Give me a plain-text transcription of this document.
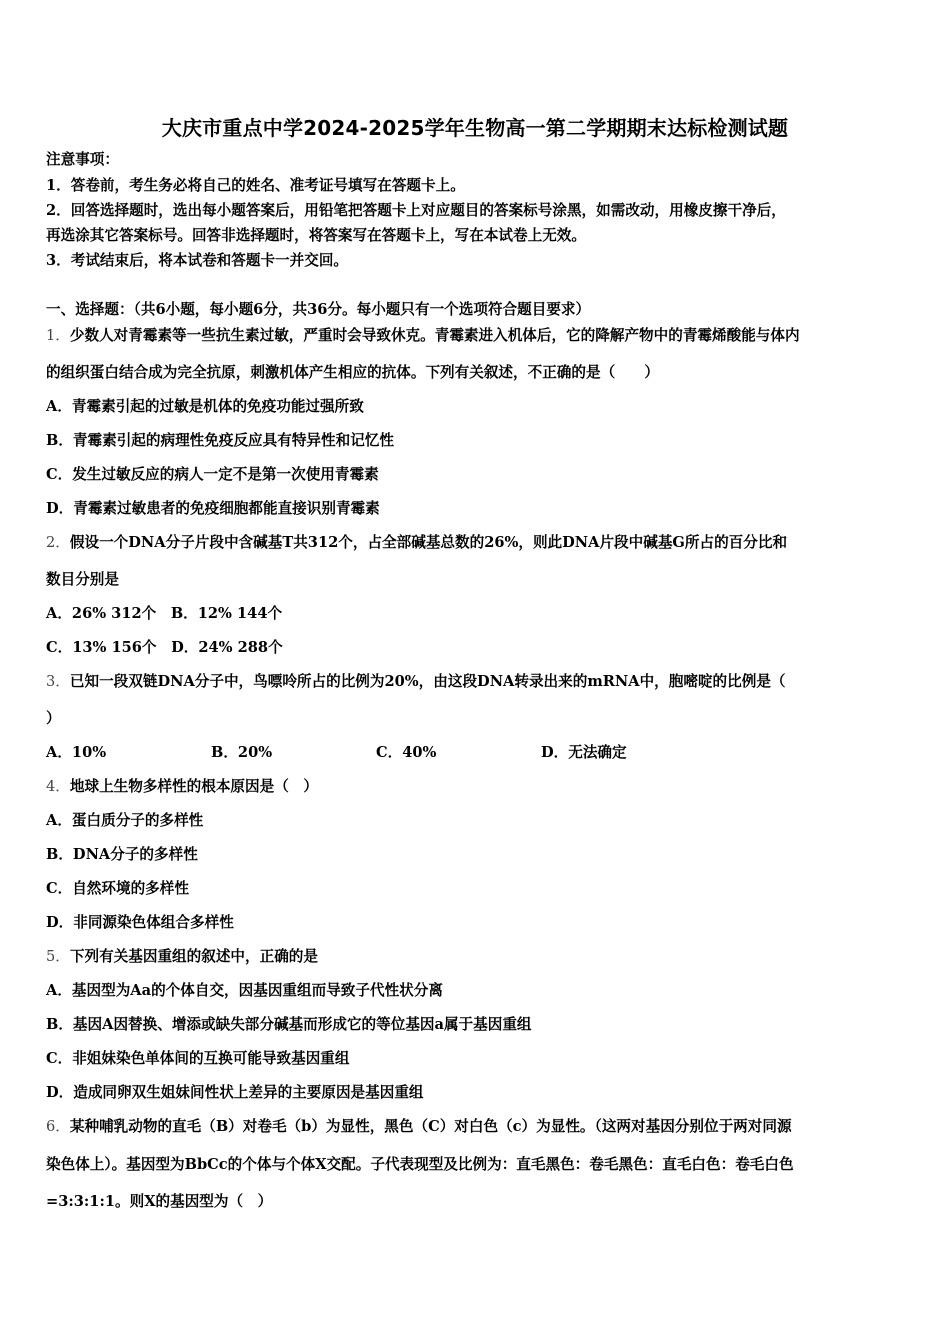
大庆市重点中学2024-2025学年生物高一第二学期期末达标检测试题
注意事项：
1．答卷前，考生务必将自己的姓名、准考证号填写在答题卡上。
2．回答选择题时，选出每小题答案后，用铅笔把答题卡上对应题目的答案标号涂黑，如需改动，用橡皮擦干净后，
再选涂其它答案标号。回答非选择题时，将答案写在答题卡上，写在本试卷上无效。
3．考试结束后，将本试卷和答题卡一并交回。
一、选择题：（共6小题，每小题6分，共36分。每小题只有一个选项符合题目要求）
1．少数人对青霉素等一些抗生素过敏，严重时会导致休克。青霉素进入机体后，它的降解产物中的青霉烯酸能与体内
的组织蛋白结合成为完全抗原，刺激机体产生相应的抗体。下列有关叙述，不正确的是（　　）
A．青霉素引起的过敏是机体的免疫功能过强所致
B．青霉素引起的病理性免疫反应具有特异性和记忆性
C．发生过敏反应的病人一定不是第一次使用青霉素
D．青霉素过敏患者的免疫细胞都能直接识别青霉素
2．假设一个DNA分子片段中含碱基T共312个，占全部碱基总数的26%，则此DNA片段中碱基G所占的百分比和
数目分别是
A．26% 312个　B．12% 144个
C．13% 156个　D．24% 288个
3．已知一段双链DNA分子中，鸟嘌呤所占的比例为20%，由这段DNA转录出来的mRNA中，胞嘧啶的比例是（
）
A．10%	B．20%	C．40%	D．无法确定
4．地球上生物多样性的根本原因是（　）
A．蛋白质分子的多样性
B．DNA分子的多样性
C．自然环境的多样性
D．非同源染色体组合多样性
5．下列有关基因重组的叙述中，正确的是
A．基因型为Aa的个体自交，因基因重组而导致子代性状分离
B．基因A因替换、增添或缺失部分碱基而形成它的等位基因a属于基因重组
C．非姐妹染色单体间的互换可能导致基因重组
D．造成同卵双生姐妹间性状上差异的主要原因是基因重组
6．某种哺乳动物的直毛（B）对卷毛（b）为显性，黑色（C）对白色（c）为显性。（这两对基因分别位于两对同源
染色体上）。基因型为BbCc的个体与个体X交配。子代表现型及比例为：直毛黑色：卷毛黑色：直毛白色：卷毛白色
=3:3:1:1。则X的基因型为（　）
